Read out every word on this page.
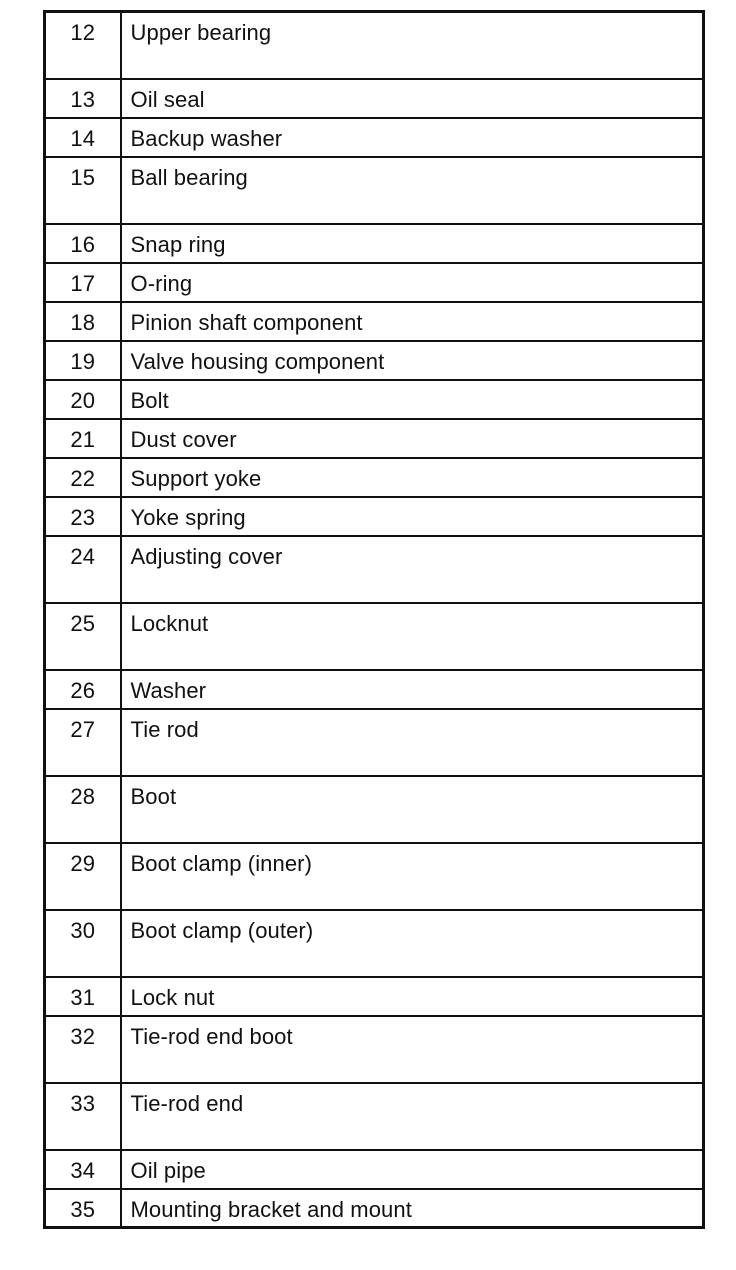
12	Upper bearing
13	Oil seal
14	Backup washer
15	Ball bearing
16	Snap ring
17	O-ring
18	Pinion shaft component
19	Valve housing component
20	Bolt
21	Dust cover
22	Support yoke
23	Yoke spring
24	Adjusting cover
25	Locknut
26	Washer
27	Tie rod
28	Boot
29	Boot clamp (inner)
30	Boot clamp (outer)
31	Lock nut
32	Tie-rod end boot
33	Tie-rod end
34	Oil pipe
35	Mounting bracket and mount
